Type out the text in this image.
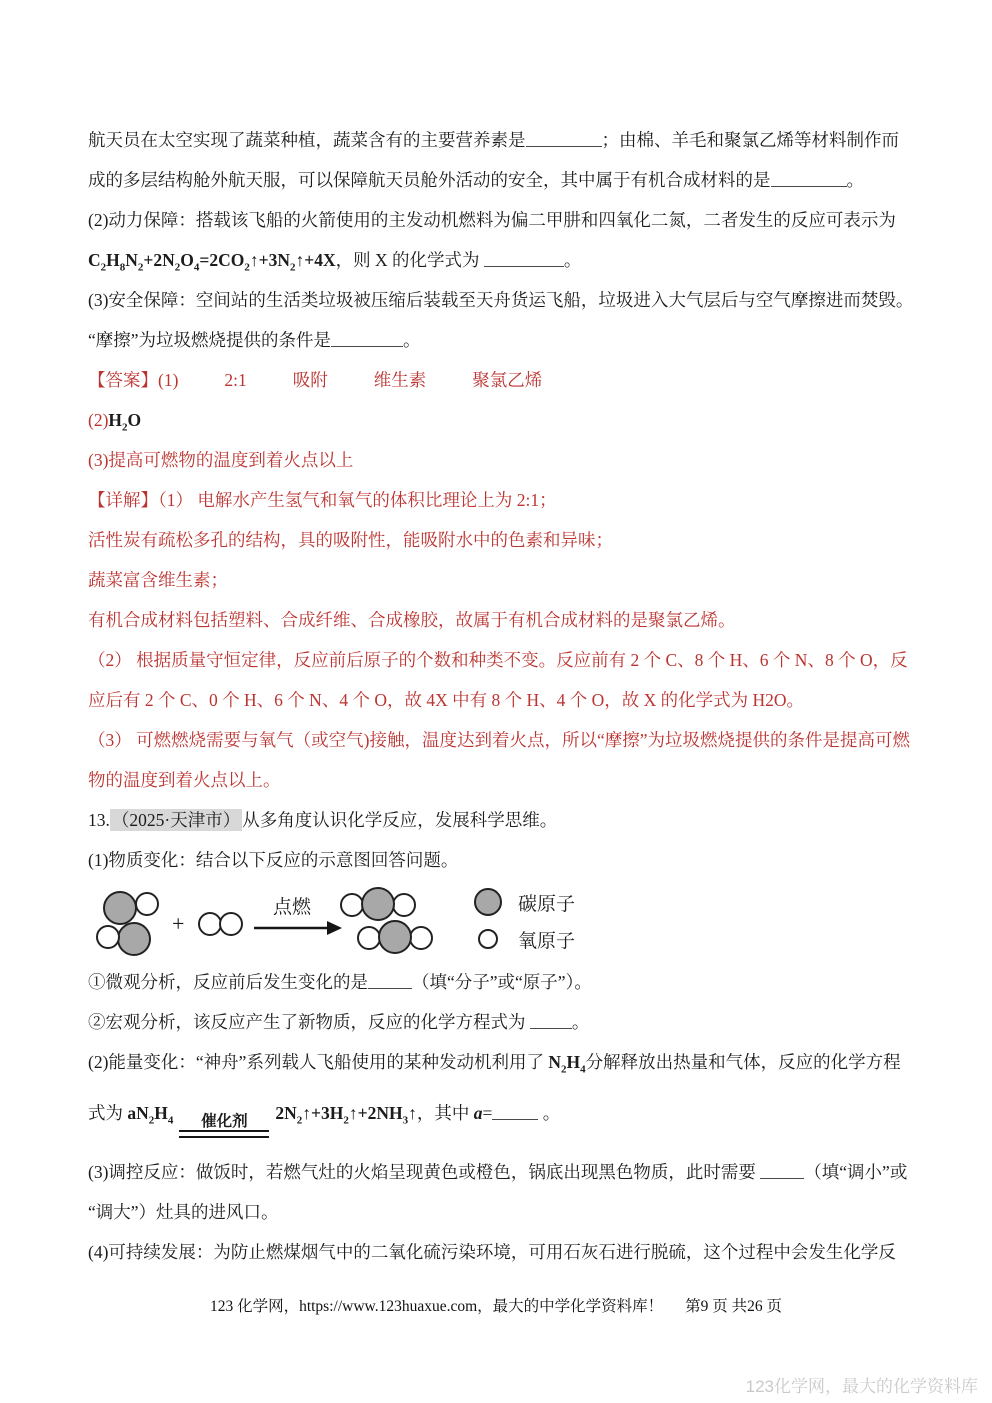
航天员在太空实现了蔬菜种植，蔬菜含有的主要营养素是	；由棉、羊毛和聚氯乙烯等材料制作而
成的多层结构舱外航天服，可以保障航天员舱外活动的安全，其中属于有机合成材料的是	。
(2)动力保障：搭载该飞船的火箭使用的主发动机燃料为偏二甲肼和四氧化二氮，二者发生的反应可表示为
$C_2H_8N_2+2N_2O_4=2CO_2↑+3N_2↑+4X$，则 X 的化学式为	。
(3)安全保障：空间站的生活类垃圾被压缩后装载至天舟货运飞船，垃圾进入大气层后与空气摩擦进而焚毁。
“摩擦”为垃圾燃烧提供的条件是	。
【答案】(1)	2:1	吸附	维生素	聚氯乙烯
$(2)H_2O$
(3)提高可燃物的温度到着火点以上
【详解】（1） 电解水产生氢气和氧气的体积比理论上为 2:1；
活性炭有疏松多孔的结构，具的吸附性，能吸附水中的色素和异味；
蔬菜富含维生素；
有机合成材料包括塑料、合成纤维、合成橡胶，故属于有机合成材料的是聚氯乙烯。
（2） 根据质量守恒定律，反应前后原子的个数和种类不变。反应前有 2 个 C、8 个 H、6 个 N、8 个 O，反
应后有 2 个 C、0 个 H、6 个 N、4 个 O，故 4X 中有 8 个 H、4 个 O，故 X 的化学式为 H2O。
（3） 可燃燃烧需要与氧气（或空气)接触，温度达到着火点，所以“摩擦”为垃圾燃烧提供的条件是提高可燃
物的温度到着火点以上。
13. （2025·天津市） 从多角度认识化学反应，发展科学思维。
(1)物质变化：结合以下反应的示意图回答问题。
+
点燃	碳原子
氧原子
①微观分析，反应前后发生变化的是	（填“分子”或“原子”）。
②宏观分析，该反应产生了新物质，反应的化学方程式为 。
(2)能量变化：“神舟”系列载人飞船使用的某种发动机利用了 $N_2H_4$分解释放出热量和气体，反应的化学方程
式为 $aN_2H_4$	催化剂	$2N_2↑+3H_2↑+2NH_3↑$，其中 a=	。
(3)调控反应：做饭时，若燃气灶的火焰呈现黄色或橙色，锅底出现黑色物质，此时需要	（填“调小”或
“调大”）灶具的进风口。
(4)可持续发展：为防止燃煤烟气中的二氧化硫污染环境，可用石灰石进行脱硫，这个过程中会发生化学反
123 化学网，https://www.123huaxue.com，最大的中学化学资料库！ 第9 页 共26 页
123化学网，最大的化学资料库
